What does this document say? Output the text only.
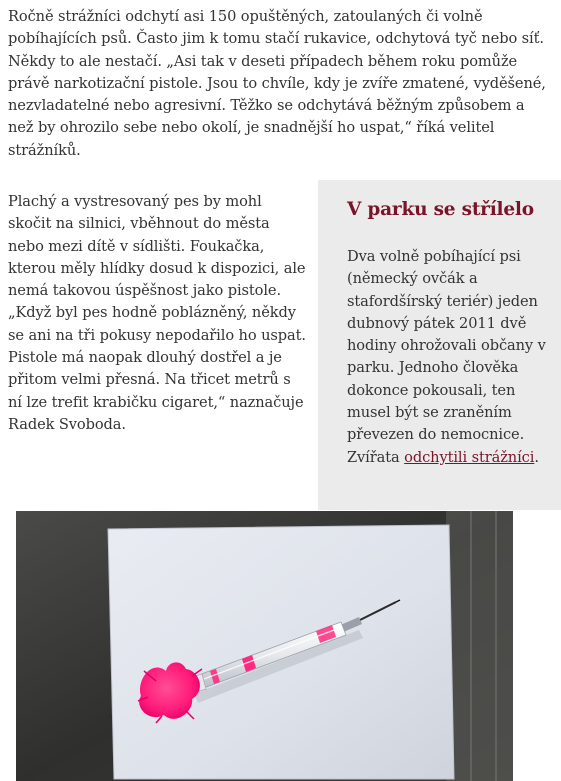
Ročně strážníci odchytí asi 150 opuštěných, zatoulaných či volně pobíhajících psů. Často jim k tomu stačí rukavice, odchytová tyč nebo síť. Někdy to ale nestačí. „Asi tak v deseti případech během roku pomůže právě narkotizační pistole. Jsou to chvíle, kdy je zvíře zmatené, vyděšené, nezvladatelné nebo agresivní. Těžko se odchytává běžným způsobem a než by ohrozilo sebe nebo okolí, je snadnější ho uspat,“ říká velitel strážníků.

Plachý a vystresovaný pes by mohl skočit na silnici, vběhnout do města nebo mezi dítě v sídlišti. Foukačka, kterou měly hlídky dosud k dispozici, ale nemá takovou úspěšnost jako pistole. „Když byl pes hodně poblázněný, někdy se ani na tři pokusy nepodařilo ho uspat. Pistole má naopak dlouhý dostřel a je přitom velmi přesná. Na třicet metrů s ní lze trefit krabičku cigaret,“ naznačuje Radek Svoboda.

V parku se střílelo

Dva volně pobíhající psi (německý ovčák a stafordšírský teriér) jeden dubnový pátek 2011 dvě hodiny ohrožovali občany v parku. Jednoho člověka dokonce pokousali, ten musel být se zraněním převezen do nemocnice. Zvířata odchytili strážníci.
